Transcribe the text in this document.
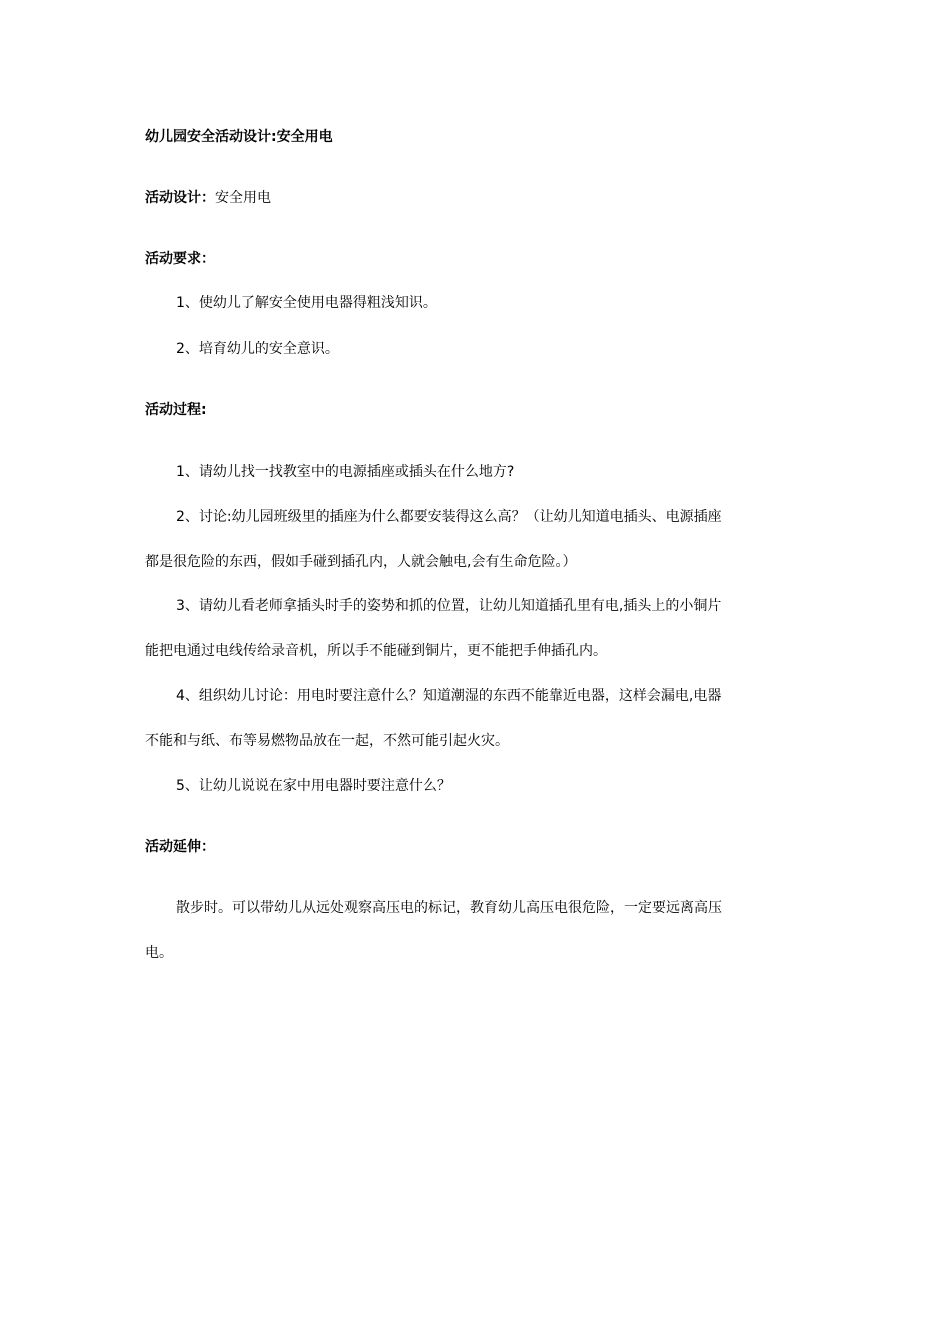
幼儿园安全活动设计:安全用电
活动设计：安全用电
活动要求：
1、使幼儿了解安全使用电器得粗浅知识。
2、培育幼儿的安全意识。
活动过程:
1、请幼儿找一找教室中的电源插座或插头在什么地方?
2、讨论:幼儿园班级里的插座为什么都要安装得这么高？（让幼儿知道电插头、电源插座
都是很危险的东西，假如手碰到插孔内，人就会触电,会有生命危险。）
3、请幼儿看老师拿插头时手的姿势和抓的位置，让幼儿知道插孔里有电,插头上的小铜片
能把电通过电线传给录音机，所以手不能碰到铜片，更不能把手伸插孔内。
4、组织幼儿讨论：用电时要注意什么？知道潮湿的东西不能靠近电器，这样会漏电,电器
不能和与纸、布等易燃物品放在一起，不然可能引起火灾。
5、让幼儿说说在家中用电器时要注意什么？
活动延伸：
散步时。可以带幼儿从远处观察高压电的标记，教育幼儿高压电很危险，一定要远离高压
电。
